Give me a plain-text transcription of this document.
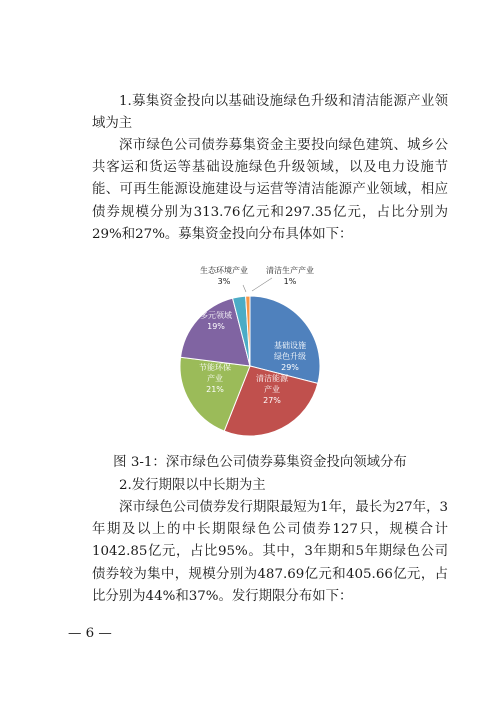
1.募集资金投向以基础设施绿色升级和清洁能源产业领域为主

深市绿色公司债券募集资金主要投向绿色建筑、城乡公共客运和货运等基础设施绿色升级领域，以及电力设施节能、可再生能源设施建设与运营等清洁能源产业领域，相应债券规模分别为313.76亿元和297.35亿元，占比分别为29%和27%。募集资金投向分布具体如下：

基础设施
绿色升级
29%
清洁能源
产业
27%
节能环保
产业
21%
多元领域
19%
生态环境产业
3%
清洁生产产业
1%
图 3-1：深市绿色公司债券募集资金投向领域分布

2.发行期限以中长期为主

深市绿色公司债券发行期限最短为1年，最长为27年，3年期及以上的中长期限绿色公司债券127只，规模合计1042.85亿元，占比95%。其中，3年期和5年期绿色公司债券较为集中，规模分别为487.69亿元和405.66亿元，占比分别为44%和37%。发行期限分布如下：

— 6 —
